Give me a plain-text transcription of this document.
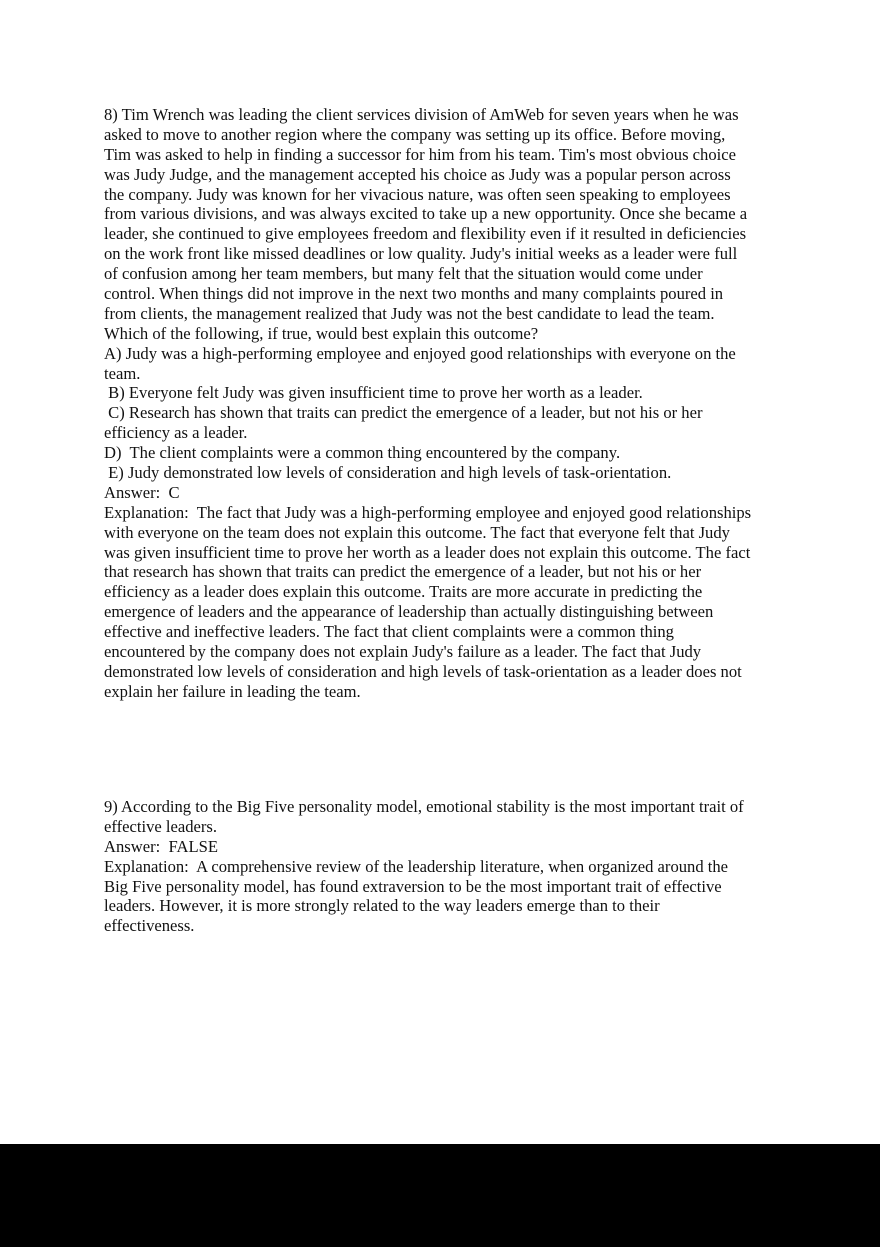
8) Tim Wrench was leading the client services division of AmWeb for seven years when he was
asked to move to another region where the company was setting up its office. Before moving,
Tim was asked to help in finding a successor for him from his team. Tim's most obvious choice
was Judy Judge, and the management accepted his choice as Judy was a popular person across
the company. Judy was known for her vivacious nature, was often seen speaking to employees
from various divisions, and was always excited to take up a new opportunity. Once she became a
leader, she continued to give employees freedom and flexibility even if it resulted in deficiencies
on the work front like missed deadlines or low quality. Judy's initial weeks as a leader were full
of confusion among her team members, but many felt that the situation would come under
control. When things did not improve in the next two months and many complaints poured in
from clients, the management realized that Judy was not the best candidate to lead the team.
Which of the following, if true, would best explain this outcome?
A) Judy was a high-performing employee and enjoyed good relationships with everyone on the
team.
B) Everyone felt Judy was given insufficient time to prove her worth as a leader.
C) Research has shown that traits can predict the emergence of a leader, but not his or her
efficiency as a leader.
D)  The client complaints were a common thing encountered by the company.
E) Judy demonstrated low levels of consideration and high levels of task-orientation.
Answer:  C
Explanation:  The fact that Judy was a high-performing employee and enjoyed good relationships
with everyone on the team does not explain this outcome. The fact that everyone felt that Judy
was given insufficient time to prove her worth as a leader does not explain this outcome. The fact
that research has shown that traits can predict the emergence of a leader, but not his or her
efficiency as a leader does explain this outcome. Traits are more accurate in predicting the
emergence of leaders and the appearance of leadership than actually distinguishing between
effective and ineffective leaders. The fact that client complaints were a common thing
encountered by the company does not explain Judy's failure as a leader. The fact that Judy
demonstrated low levels of consideration and high levels of task-orientation as a leader does not
explain her failure in leading the team.
9) According to the Big Five personality model, emotional stability is the most important trait of
effective leaders.
Answer:  FALSE
Explanation:  A comprehensive review of the leadership literature, when organized around the
Big Five personality model, has found extraversion to be the most important trait of effective
leaders. However, it is more strongly related to the way leaders emerge than to their
effectiveness.
